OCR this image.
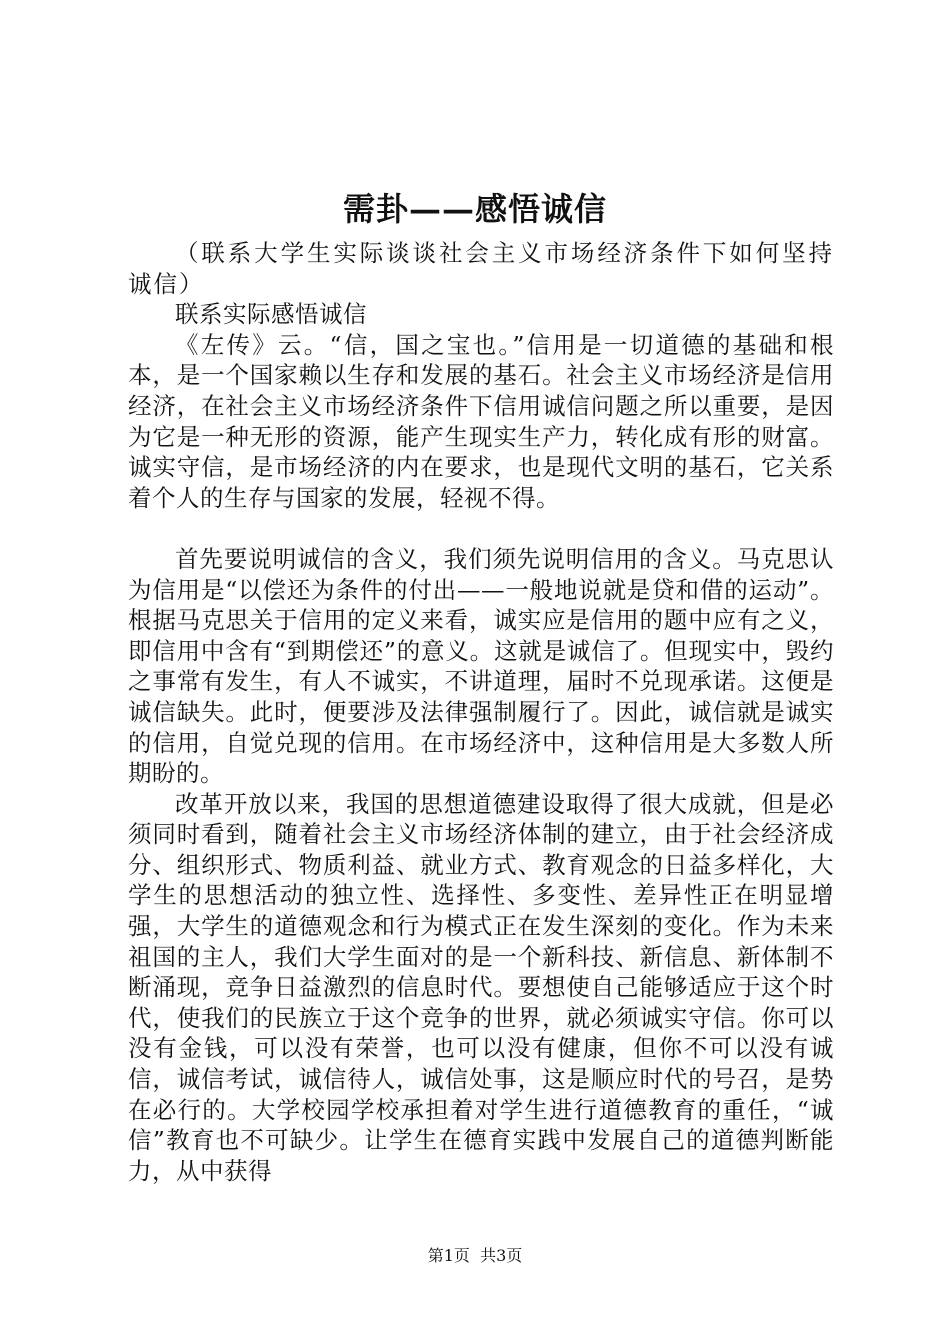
需卦——感悟诚信

（联系大学生实际谈谈社会主义市场经济条件下如何坚持诚信）

联系实际感悟诚信

《左传》云。“信，国之宝也。”信用是一切道德的基础和根本，是一个国家赖以生存和发展的基石。社会主义市场经济是信用经济，在社会主义市场经济条件下信用诚信问题之所以重要，是因为它是一种无形的资源，能产生现实生产力，转化成有形的财富。诚实守信，是市场经济的内在要求，也是现代文明的基石，它关系着个人的生存与国家的发展，轻视不得。

首先要说明诚信的含义，我们须先说明信用的含义。马克思认为信用是“以偿还为条件的付出——一般地说就是贷和借的运动”。根据马克思关于信用的定义来看，诚实应是信用的题中应有之义，即信用中含有“到期偿还”的意义。这就是诚信了。但现实中，毁约之事常有发生，有人不诚实，不讲道理，届时不兑现承诺。这便是诚信缺失。此时，便要涉及法律强制履行了。因此，诚信就是诚实的信用，自觉兑现的信用。在市场经济中，这种信用是大多数人所期盼的。

改革开放以来，我国的思想道德建设取得了很大成就，但是必须同时看到，随着社会主义市场经济体制的建立，由于社会经济成分、组织形式、物质利益、就业方式、教育观念的日益多样化，大学生的思想活动的独立性、选择性、多变性、差异性正在明显增强，大学生的道德观念和行为模式正在发生深刻的变化。作为未来祖国的主人，我们大学生面对的是一个新科技、新信息、新体制不断涌现，竞争日益激烈的信息时代。要想使自己能够适应于这个时代，使我们的民族立于这个竞争的世界，就必须诚实守信。你可以没有金钱，可以没有荣誉，也可以没有健康，但你不可以没有诚信，诚信考试，诚信待人，诚信处事，这是顺应时代的号召，是势在必行的。大学校园学校承担着对学生进行道德教育的重任，“诚信”教育也不可缺少。让学生在德育实践中发展自己的道德判断能力，从中获得

第1页  共3页
